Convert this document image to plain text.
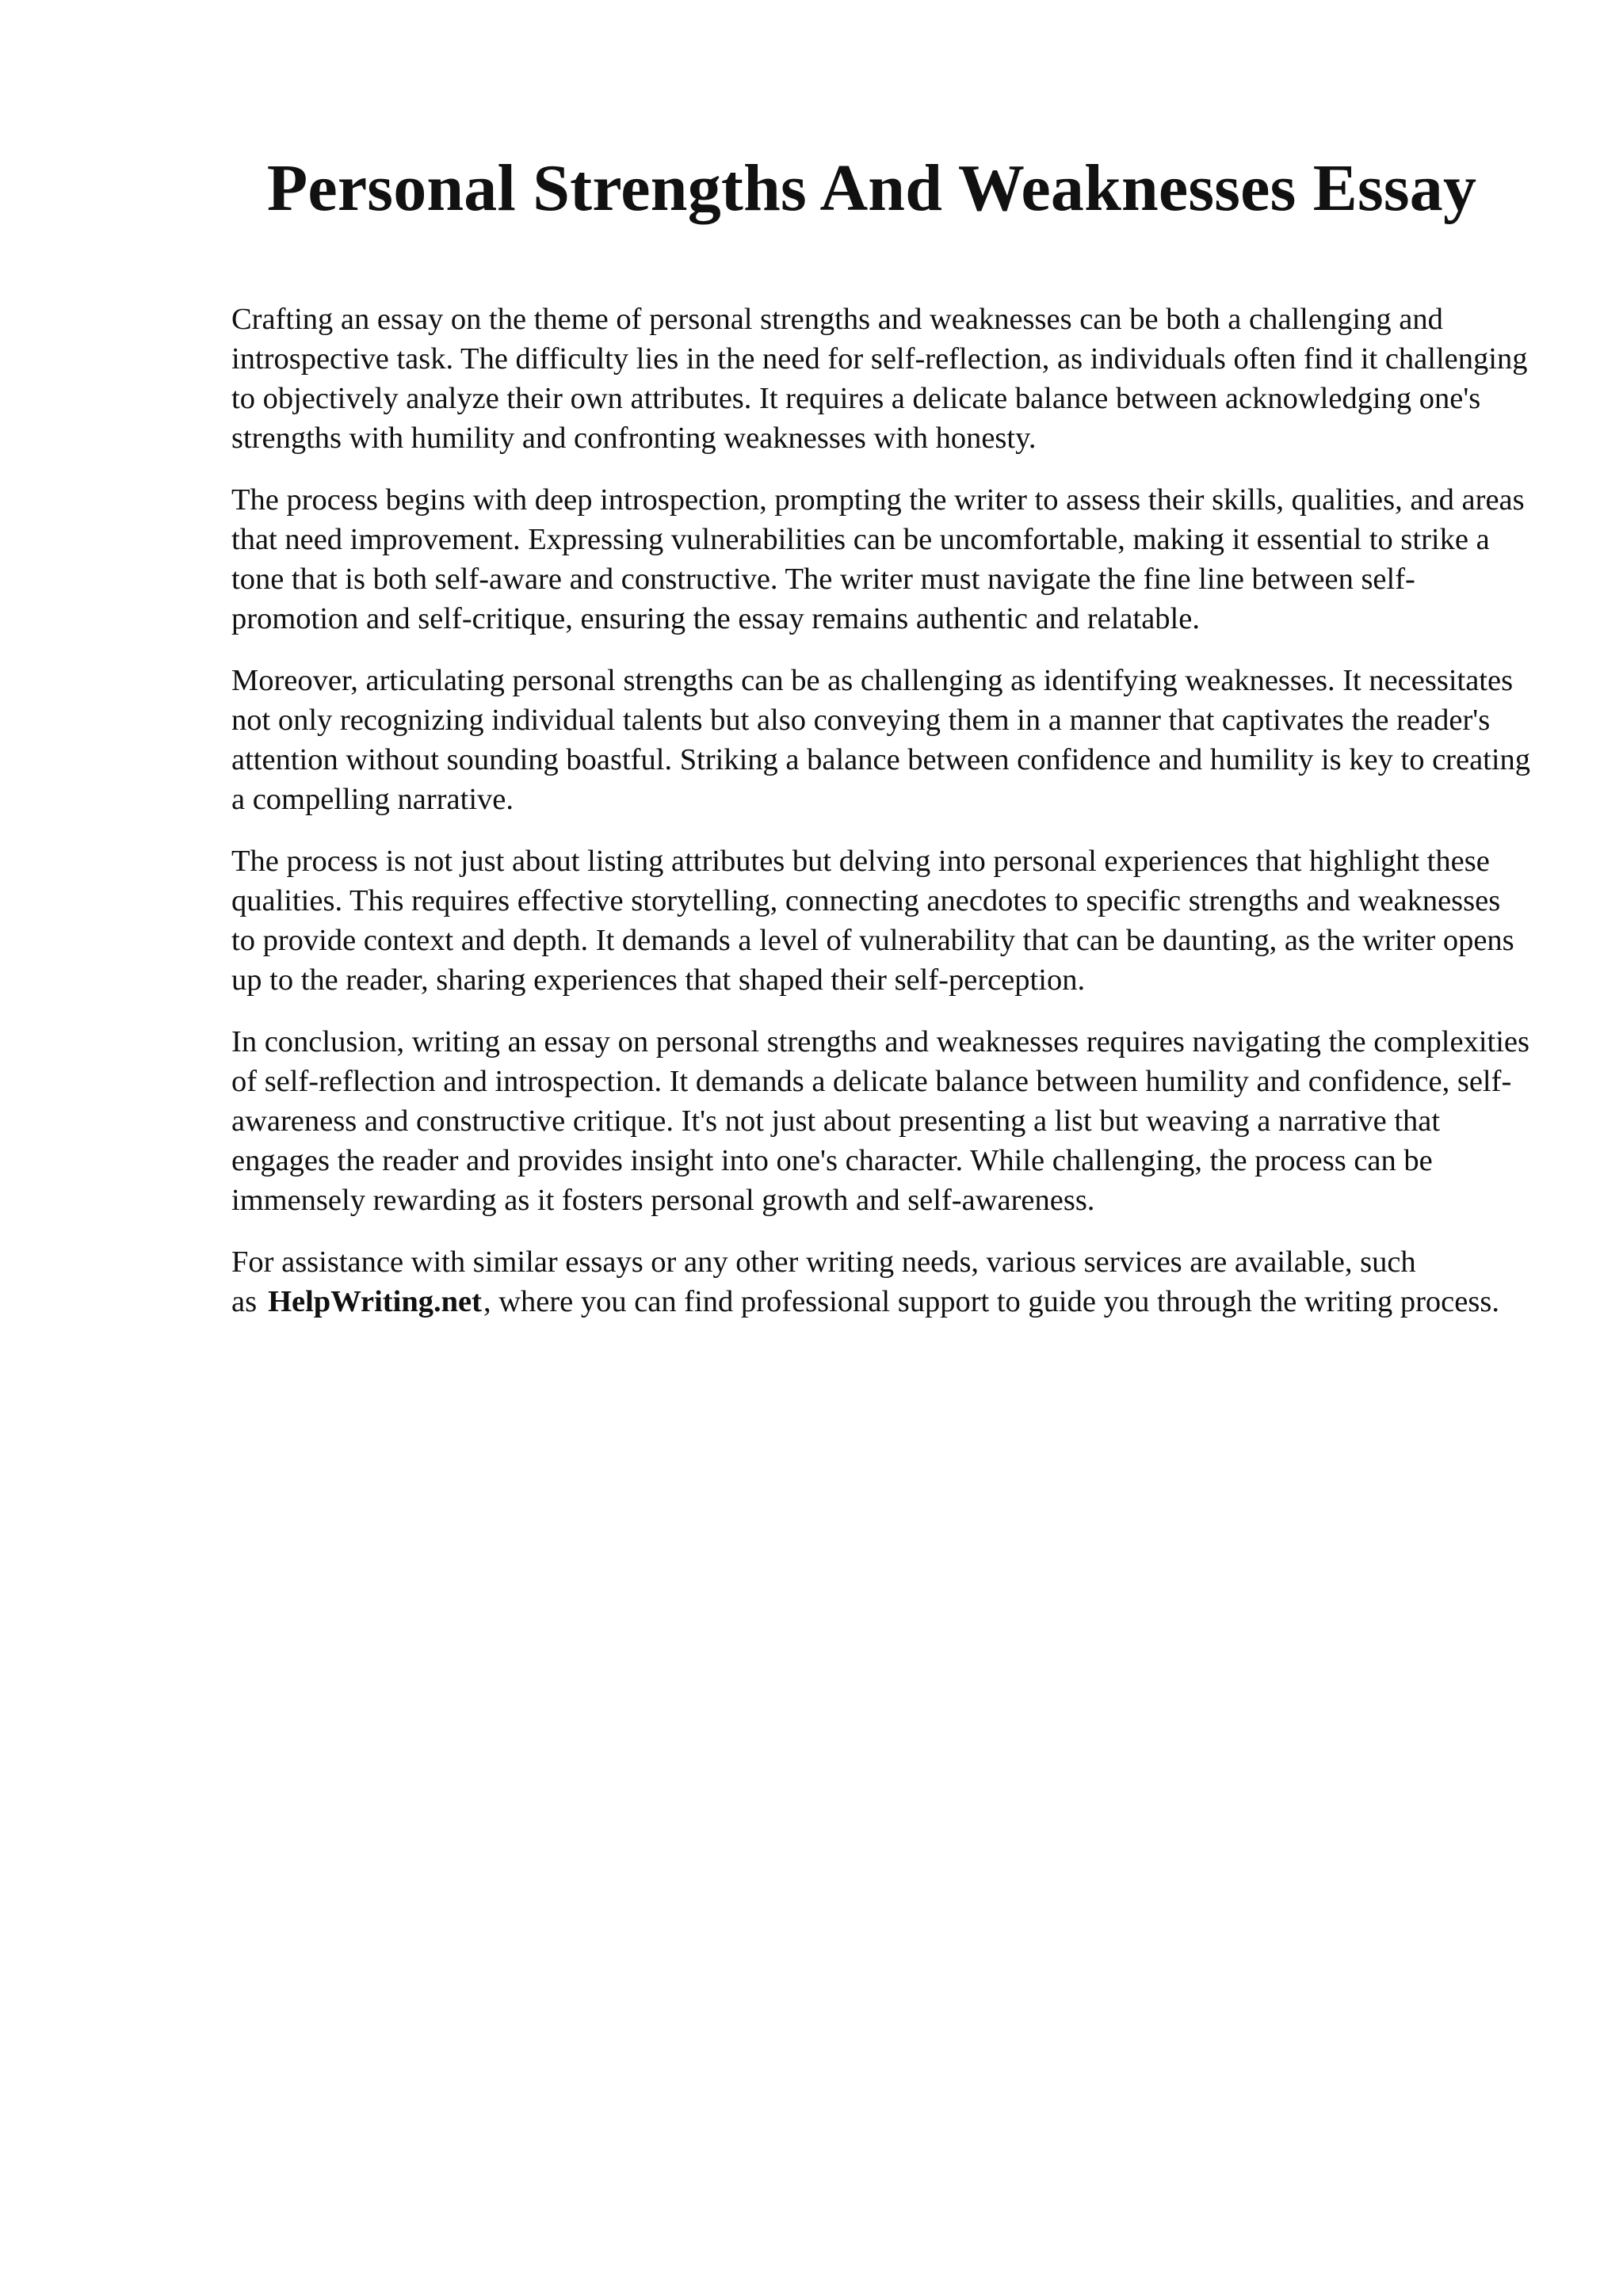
Personal Strengths And Weaknesses Essay

Crafting an essay on the theme of personal strengths and weaknesses can be both a challenging and introspective task. The difficulty lies in the need for self-reflection, as individuals often find it challenging to objectively analyze their own attributes. It requires a delicate balance between acknowledging one's strengths with humility and confronting weaknesses with honesty.

The process begins with deep introspection, prompting the writer to assess their skills, qualities, and areas that need improvement. Expressing vulnerabilities can be uncomfortable, making it essential to strike a tone that is both self-aware and constructive. The writer must navigate the fine line between self-promotion and self-critique, ensuring the essay remains authentic and relatable.

Moreover, articulating personal strengths can be as challenging as identifying weaknesses. It necessitates not only recognizing individual talents but also conveying them in a manner that captivates the reader's attention without sounding boastful. Striking a balance between confidence and humility is key to creating a compelling narrative.

The process is not just about listing attributes but delving into personal experiences that highlight these qualities. This requires effective storytelling, connecting anecdotes to specific strengths and weaknesses to provide context and depth. It demands a level of vulnerability that can be daunting, as the writer opens up to the reader, sharing experiences that shaped their self-perception.

In conclusion, writing an essay on personal strengths and weaknesses requires navigating the complexities of self-reflection and introspection. It demands a delicate balance between humility and confidence, self-awareness and constructive critique. It's not just about presenting a list but weaving a narrative that engages the reader and provides insight into one's character. While challenging, the process can be immensely rewarding as it fosters personal growth and self-awareness.

For assistance with similar essays or any other writing needs, various services are available, such as HelpWriting.net, where you can find professional support to guide you through the writing process.
